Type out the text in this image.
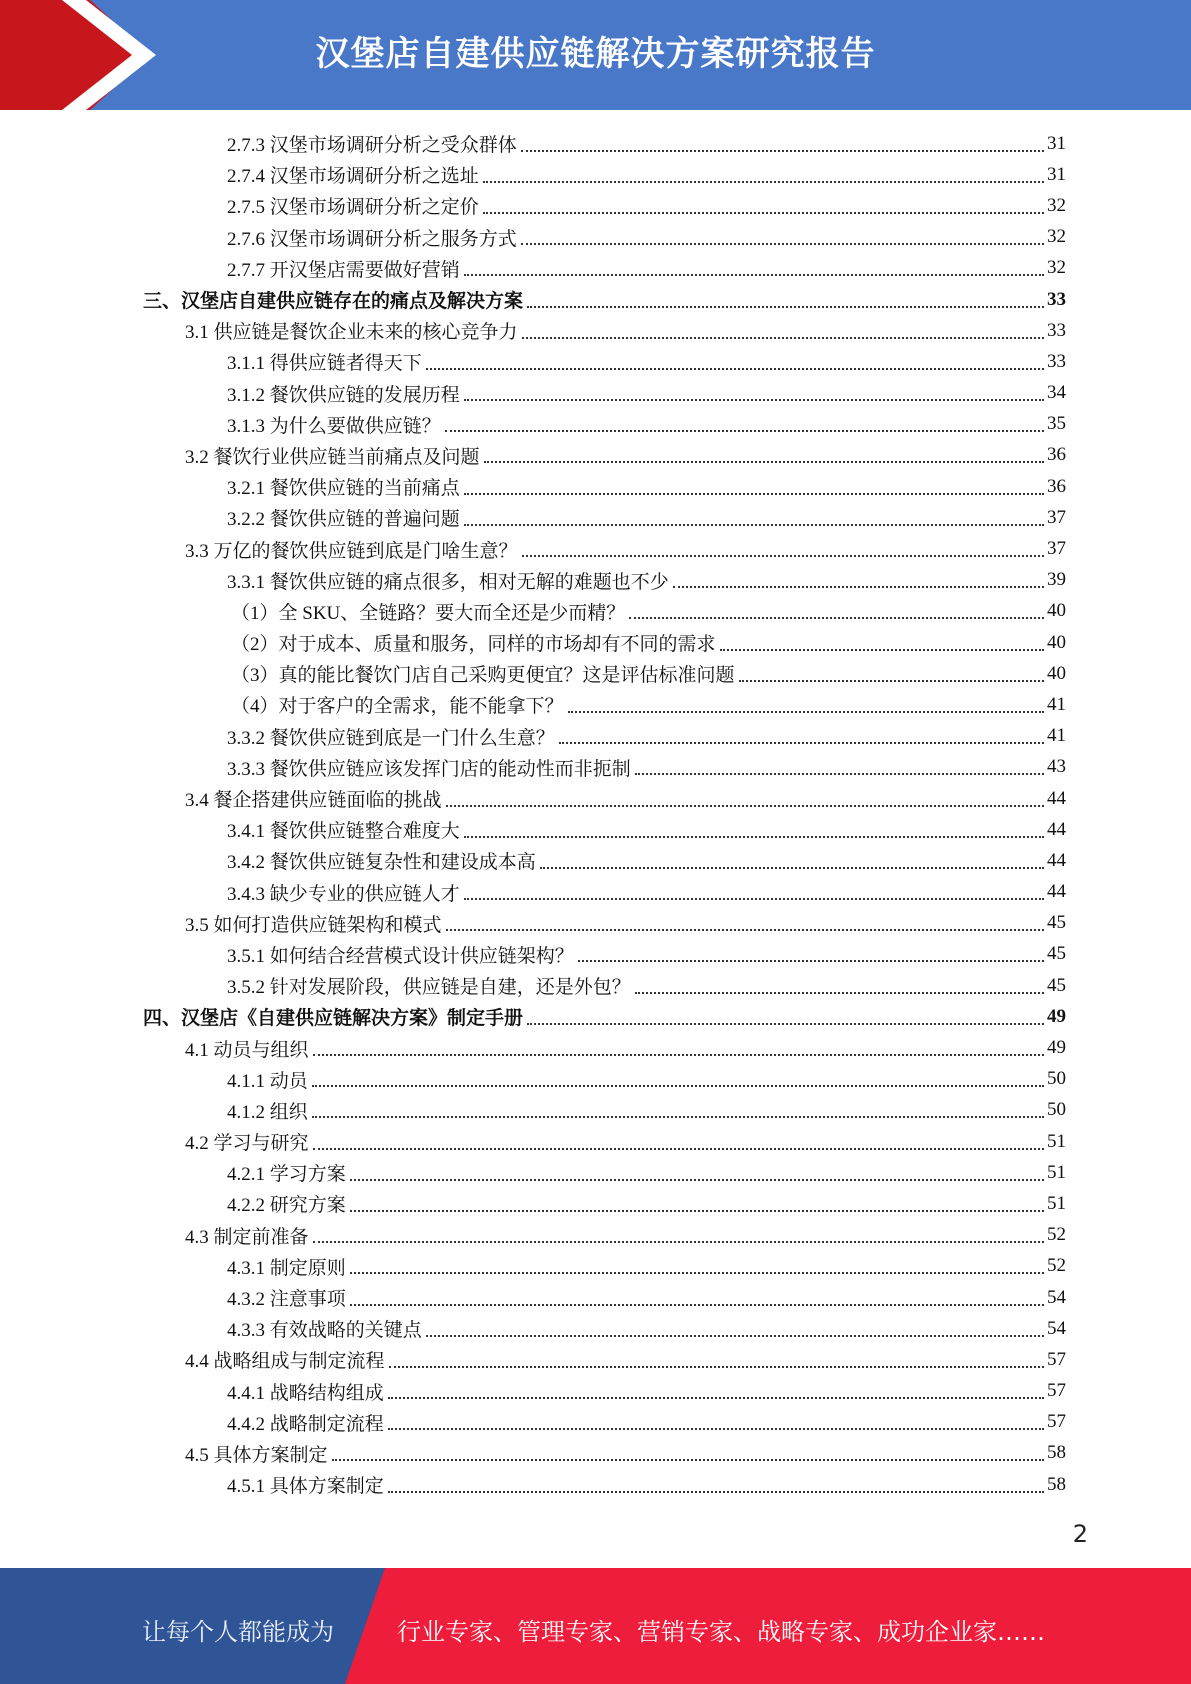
汉堡店自建供应链解决方案研究报告
2.7.3 汉堡市场调研分析之受众群体	31
2.7.4 汉堡市场调研分析之选址	31
2.7.5 汉堡市场调研分析之定价	32
2.7.6 汉堡市场调研分析之服务方式	32
2.7.7 开汉堡店需要做好营销	32
三、汉堡店自建供应链存在的痛点及解决方案	33
3.1 供应链是餐饮企业未来的核心竞争力	33
3.1.1 得供应链者得天下	33
3.1.2 餐饮供应链的发展历程	34
3.1.3 为什么要做供应链？	35
3.2 餐饮行业供应链当前痛点及问题	36
3.2.1 餐饮供应链的当前痛点	36
3.2.2 餐饮供应链的普遍问题	37
3.3 万亿的餐饮供应链到底是门啥生意？	37
3.3.1 餐饮供应链的痛点很多，相对无解的难题也不少	39
（1）全 SKU、全链路？要大而全还是少而精？	40
（2）对于成本、质量和服务，同样的市场却有不同的需求	40
（3）真的能比餐饮门店自己采购更便宜？这是评估标准问题	40
（4）对于客户的全需求，能不能拿下？	41
3.3.2 餐饮供应链到底是一门什么生意？	41
3.3.3 餐饮供应链应该发挥门店的能动性而非扼制	43
3.4 餐企搭建供应链面临的挑战	44
3.4.1 餐饮供应链整合难度大	44
3.4.2 餐饮供应链复杂性和建设成本高	44
3.4.3 缺少专业的供应链人才	44
3.5 如何打造供应链架构和模式	45
3.5.1 如何结合经营模式设计供应链架构？	45
3.5.2 针对发展阶段，供应链是自建，还是外包？	45
四、汉堡店《自建供应链解决方案》制定手册	49
4.1 动员与组织	49
4.1.1 动员	50
4.1.2 组织	50
4.2 学习与研究	51
4.2.1 学习方案	51
4.2.2 研究方案	51
4.3 制定前准备	52
4.3.1 制定原则	52
4.3.2 注意事项	54
4.3.3 有效战略的关键点	54
4.4 战略组成与制定流程	57
4.4.1 战略结构组成	57
4.4.2 战略制定流程	57
4.5 具体方案制定	58
4.5.1 具体方案制定	58
2
让每个人都能成为	行业专家、管理专家、营销专家、战略专家、成功企业家……
